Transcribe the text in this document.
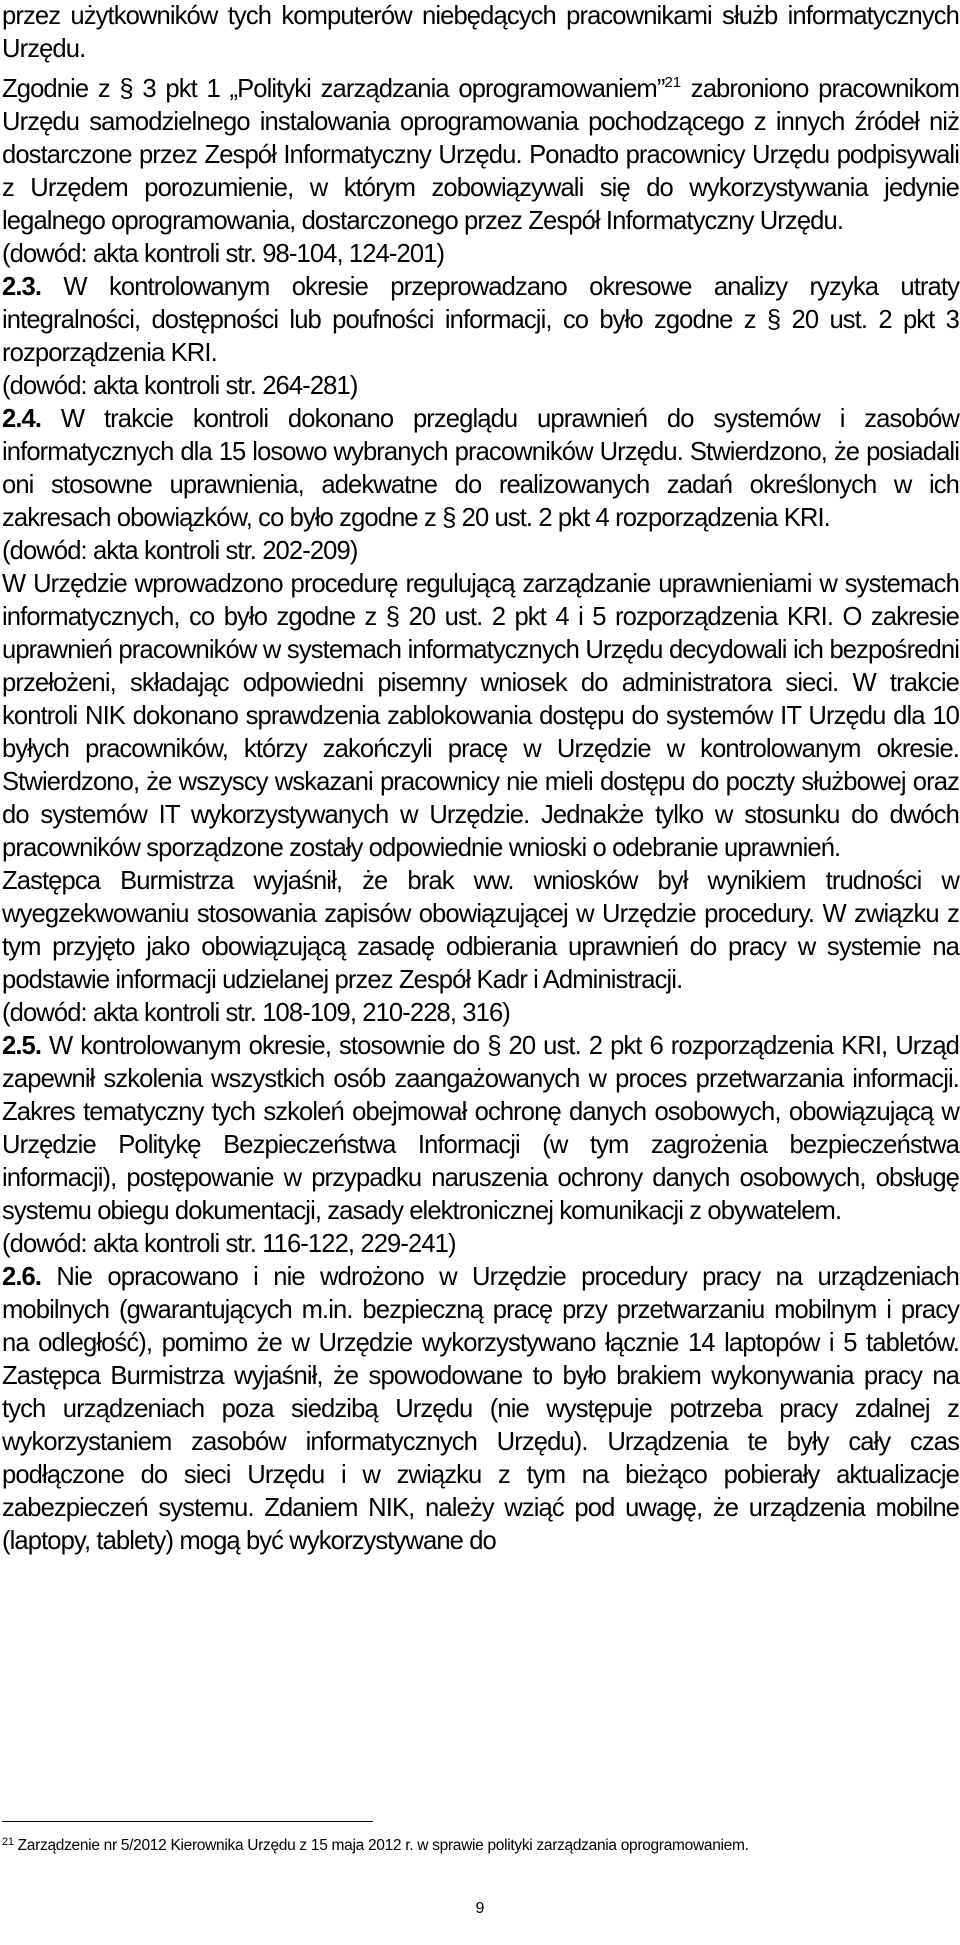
przez użytkowników tych komputerów niebędących pracownikami służb informatycznych Urzędu.

Zgodnie z § 3 pkt 1 „Polityki zarządzania oprogramowaniem”$^{21}$ zabroniono pracownikom Urzędu samodzielnego instalowania oprogramowania pochodzącego z innych źródeł niż dostarczone przez Zespół Informatyczny Urzędu. Ponadto pracownicy Urzędu podpisywali z Urzędem porozumienie, w którym zobowiązywali się do wykorzystywania jedynie legalnego oprogramowania, dostarczonego przez Zespół Informatyczny Urzędu.

(dowód: akta kontroli str. 98-104, 124-201)

2.3. W kontrolowanym okresie przeprowadzano okresowe analizy ryzyka utraty integralności, dostępności lub poufności informacji, co było zgodne z § 20 ust. 2 pkt 3 rozporządzenia KRI.

(dowód: akta kontroli str. 264-281)

2.4. W trakcie kontroli dokonano przeglądu uprawnień do systemów i zasobów informatycznych dla 15 losowo wybranych pracowników Urzędu. Stwierdzono, że posiadali oni stosowne uprawnienia, adekwatne do realizowanych zadań określonych w ich zakresach obowiązków, co było zgodne z § 20 ust. 2 pkt 4 rozporządzenia KRI.

(dowód: akta kontroli str. 202-209)

W Urzędzie wprowadzono procedurę regulującą zarządzanie uprawnieniami w systemach informatycznych, co było zgodne z § 20 ust. 2 pkt 4 i 5 rozporządzenia KRI. O zakresie uprawnień pracowników w systemach informatycznych Urzędu decydowali ich bezpośredni przełożeni, składając odpowiedni pisemny wniosek do administratora sieci. W trakcie kontroli NIK dokonano sprawdzenia zablokowania dostępu do systemów IT Urzędu dla 10 byłych pracowników, którzy zakończyli pracę w Urzędzie w kontrolowanym okresie. Stwierdzono, że wszyscy wskazani pracownicy nie mieli dostępu do poczty służbowej oraz do systemów IT wykorzystywanych w Urzędzie. Jednakże tylko w stosunku do dwóch pracowników sporządzone zostały odpowiednie wnioski o odebranie uprawnień.

Zastępca Burmistrza wyjaśnił, że brak ww. wniosków był wynikiem trudności w wyegzekwowaniu stosowania zapisów obowiązującej w Urzędzie procedury. W związku z tym przyjęto jako obowiązującą zasadę odbierania uprawnień do pracy w systemie na podstawie informacji udzielanej przez Zespół Kadr i Administracji.

(dowód: akta kontroli str. 108-109, 210-228, 316)

2.5. W kontrolowanym okresie, stosownie do § 20 ust. 2 pkt 6 rozporządzenia KRI, Urząd zapewnił szkolenia wszystkich osób zaangażowanych w proces przetwarzania informacji. Zakres tematyczny tych szkoleń obejmował ochronę danych osobowych, obowiązującą w Urzędzie Politykę Bezpieczeństwa Informacji (w tym zagrożenia bezpieczeństwa informacji), postępowanie w przypadku naruszenia ochrony danych osobowych, obsługę systemu obiegu dokumentacji, zasady elektronicznej komunikacji z obywatelem.

(dowód: akta kontroli str. 116-122, 229-241)

2.6. Nie opracowano i nie wdrożono w Urzędzie procedury pracy na urządzeniach mobilnych (gwarantujących m.in. bezpieczną pracę przy przetwarzaniu mobilnym i pracy na odległość), pomimo że w Urzędzie wykorzystywano łącznie 14 laptopów i 5 tabletów. Zastępca Burmistrza wyjaśnił, że spowodowane to było brakiem wykonywania pracy na tych urządzeniach poza siedzibą Urzędu (nie występuje potrzeba pracy zdalnej z wykorzystaniem zasobów informatycznych Urzędu). Urządzenia te były cały czas podłączone do sieci Urzędu i w związku z tym na bieżąco pobierały aktualizacje zabezpieczeń systemu. Zdaniem NIK, należy wziąć pod uwagę, że urządzenia mobilne (laptopy, tablety) mogą być wykorzystywane do

$^{21}$ Zarządzenie nr 5/2012 Kierownika Urzędu z 15 maja 2012 r. w sprawie polityki zarządzania oprogramowaniem.
9
